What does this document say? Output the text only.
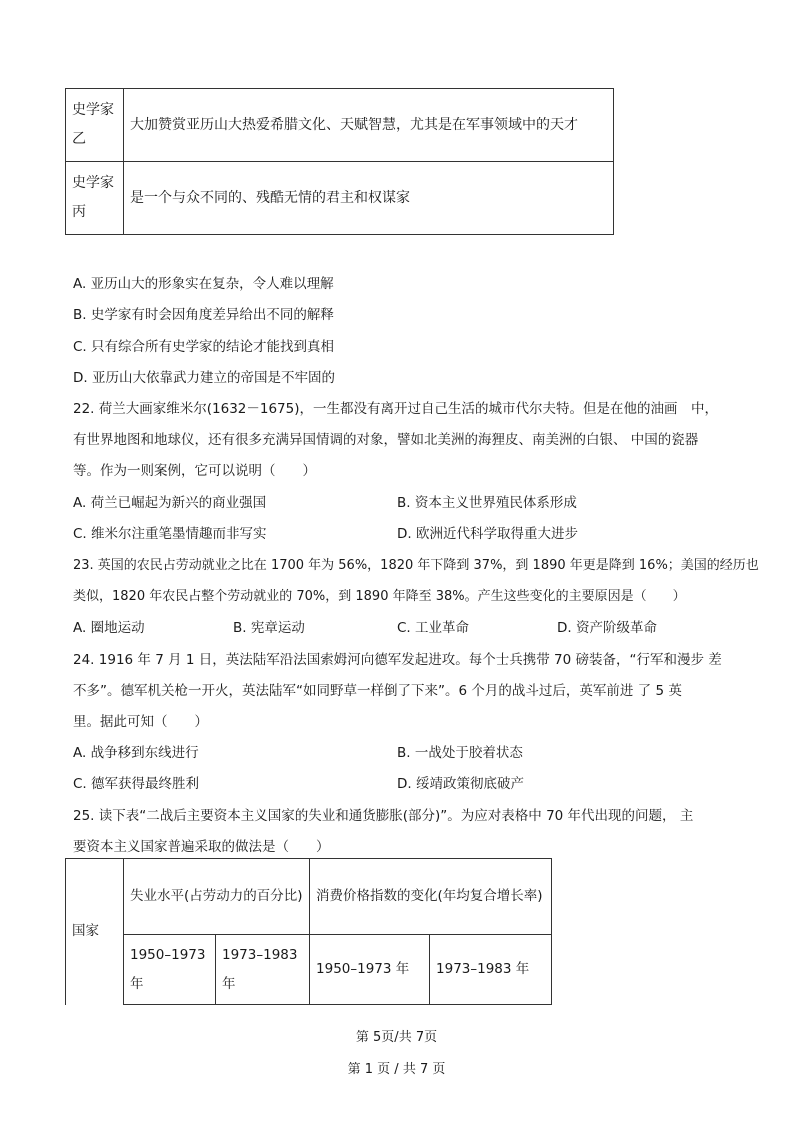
史学家乙	大加赞赏亚历山大热爱希腊文化、天赋智慧，尤其是在军事领域中的天才
史学家丙	是一个与众不同的、残酷无情的君主和权谋家
A. 亚历山大的形象实在复杂，令人难以理解
B. 史学家有时会因角度差异给出不同的解释
C. 只有综合所有史学家的结论才能找到真相
D. 亚历山大依靠武力建立的帝国是不牢固的
22. 荷兰大画家维米尔(1632－1675)，一生都没有离开过自己生活的城市代尔夫特。但是在他的油画　中，
有世界地图和地球仪，还有很多充满异国情调的对象，譬如北美洲的海狸皮、南美洲的白银、 中国的瓷器
等。作为一则案例，它可以说明（　　）
A. 荷兰已崛起为新兴的商业强国	B. 资本主义世界殖民体系形成
C. 维米尔注重笔墨情趣而非写实	D. 欧洲近代科学取得重大进步
23. 英国的农民占劳动就业之比在 1700 年为 56%，1820 年下降到 37%，到 1890 年更是降到 16%；美国的经历也
类似，1820 年农民占整个劳动就业的 70%，到 1890 年降至 38%。产生这些变化的主要原因是（　　）
A. 圈地运动	B. 宪章运动	C. 工业革命	D. 资产阶级革命
24. 1916 年 7 月 1 日，英法陆军沿法国索姆河向德军发起进攻。每个士兵携带 70 磅装备，“行军和漫步 差
不多”。德军机关枪一开火，英法陆军“如同野草一样倒了下来”。6 个月的战斗过后，英军前进 了 5 英
里。据此可知（　　）
A. 战争移到东线进行	B. 一战处于胶着状态
C. 德军获得最终胜利	D. 绥靖政策彻底破产
25. 读下表“二战后主要资本主义国家的失业和通货膨胀(部分)”。为应对表格中 70 年代出现的问题， 主
要资本主义国家普遍采取的做法是（　　）
国家	失业水平(占劳动力的百分比)		消费价格指数的变化(年均复合增长率)	
	1950–1973 年	1973–1983 年	1950–1973 年	1973–1983 年
第 5页/共 7页
第 1 页 / 共 7 页
